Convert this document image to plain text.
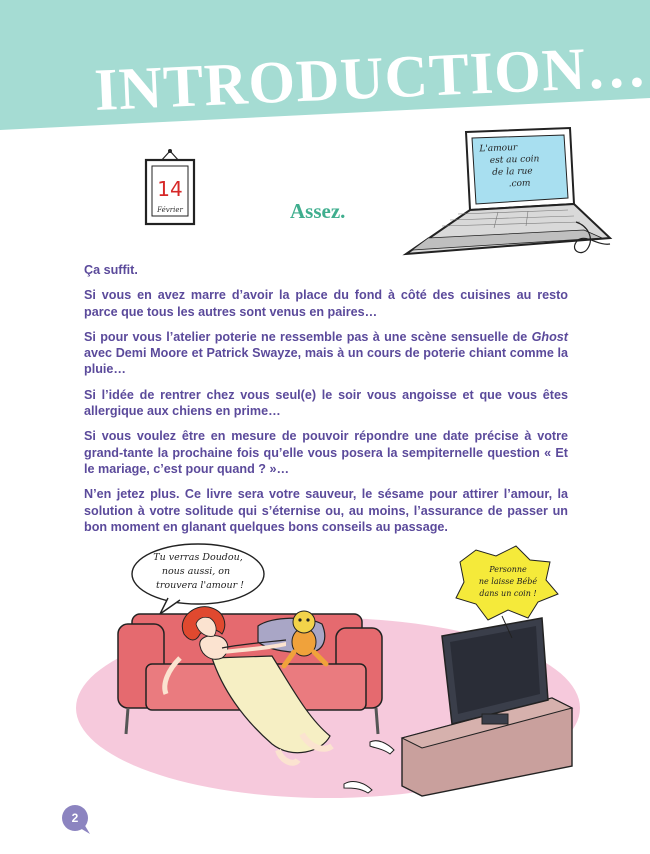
INTRODUCTION…
14
Février
L'amour
est au coin
de la rue
.com
Assez.

Ça suffit.

Si vous en avez marre d’avoir la place du fond à côté des cuisines au resto parce que tous les autres sont venus en paires…

Si pour vous l’atelier poterie ne ressemble pas à une scène sensuelle de Ghost avec Demi Moore et Patrick Swayze, mais à un cours de poterie chiant comme la pluie…

Si l’idée de rentrer chez vous seul(e) le soir vous angoisse et que vous êtes allergique aux chiens en prime…

Si vous voulez être en mesure de pouvoir répondre une date précise à votre grand-tante la prochaine fois qu’elle vous posera la sempiternelle question « Et le mariage, c’est pour quand ? »…

N’en jetez plus. Ce livre sera votre sauveur, le sésame pour attirer l’amour, la solution à votre solitude qui s’éternise ou, au moins, l’assurance de passer un bon moment en glanant quelques bons conseils au passage.

Tu verras Doudou,
nous aussi, on
trouvera l'amour !
Personne
ne laisse Bébé
dans un coin !
2
